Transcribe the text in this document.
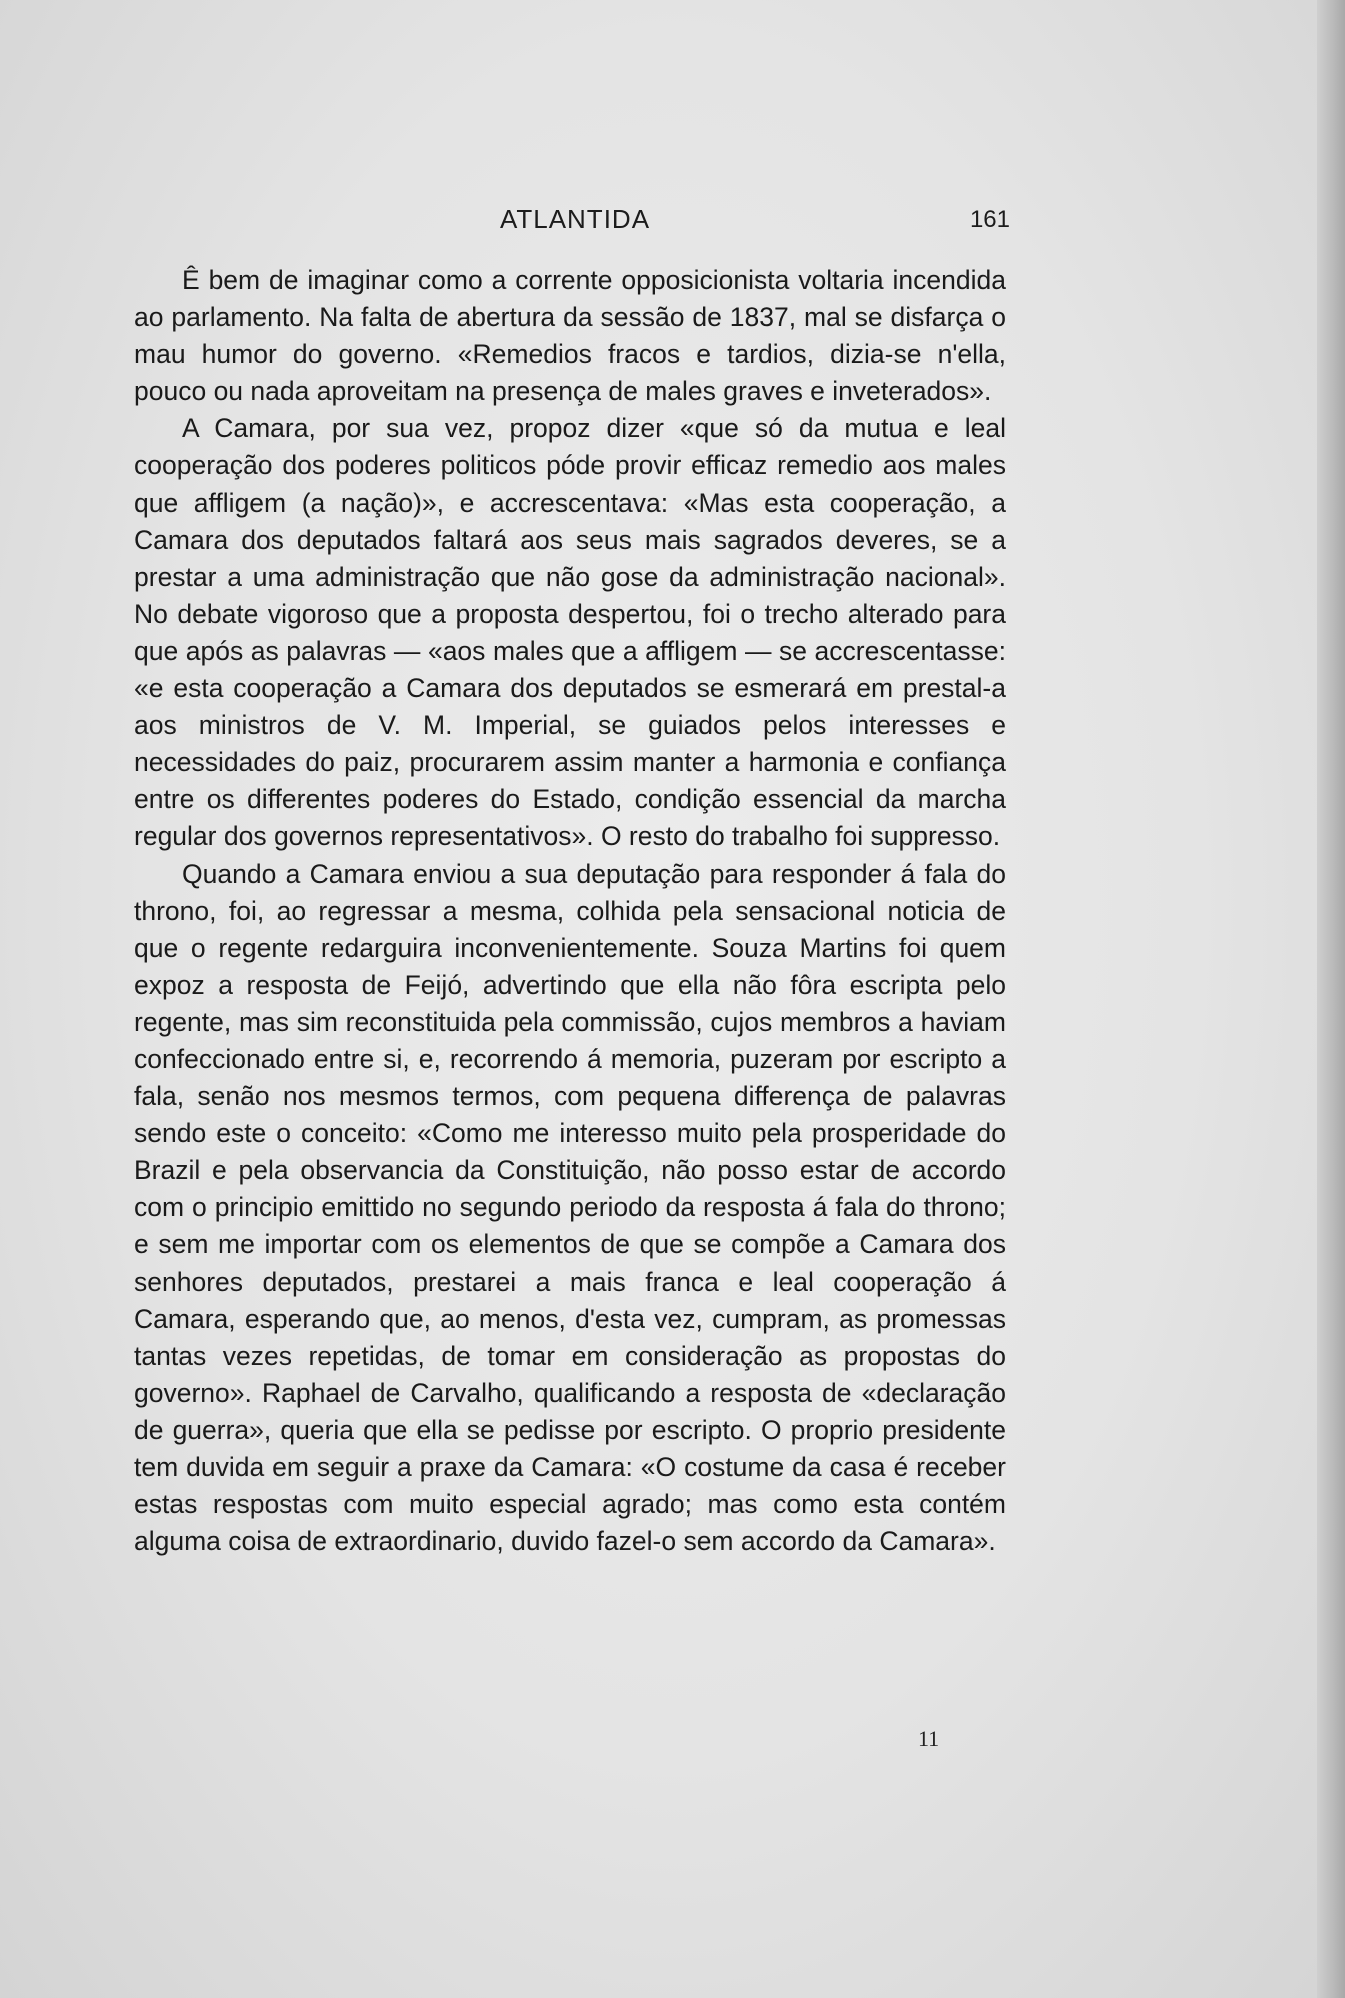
ATLANTIDA	161

Ê bem de imaginar como a corrente opposicionista voltaria incendida ao parlamento. Na falta de abertura da sessão de 1837, mal se disfarça o mau humor do governo. «Remedios fracos e tardios, dizia-se n'ella, pouco ou nada aproveitam na presença de males graves e inveterados».

A Camara, por sua vez, propoz dizer «que só da mutua e leal cooperação dos poderes politicos póde provir efficaz remedio aos males que affligem (a nação)», e accrescentava: «Mas esta cooperação, a Camara dos deputados faltará aos seus mais sagrados deveres, se a prestar a uma administração que não gose da administração nacional». No debate vigoroso que a proposta despertou, foi o trecho alterado para que após as palavras — «aos males que a affligem — se accrescentasse: «e esta cooperação a Camara dos deputados se esmerará em prestal-a aos ministros de V. M. Imperial, se guiados pelos interesses e necessidades do paiz, procurarem assim manter a harmonia e confiança entre os differentes poderes do Estado, condição essencial da marcha regular dos governos representativos». O resto do trabalho foi suppresso.

Quando a Camara enviou a sua deputação para responder á fala do throno, foi, ao regressar a mesma, colhida pela sensacional noticia de que o regente redarguira inconvenientemente. Souza Martins foi quem expoz a resposta de Feijó, advertindo que ella não fôra escripta pelo regente, mas sim reconstituida pela commissão, cujos membros a haviam confeccionado entre si, e, recorrendo á memoria, puzeram por escripto a fala, senão nos mesmos termos, com pequena differença de palavras sendo este o conceito: «Como me interesso muito pela prosperidade do Brazil e pela observancia da Constituição, não posso estar de accordo com o principio emittido no segundo periodo da resposta á fala do throno; e sem me importar com os elementos de que se compõe a Camara dos senhores deputados, prestarei a mais franca e leal cooperação á Camara, esperando que, ao menos, d'esta vez, cumpram, as promessas tantas vezes repetidas, de tomar em consideração as propostas do governo». Raphael de Carvalho, qualificando a resposta de «declaração de guerra», queria que ella se pedisse por escripto. O proprio presidente tem duvida em seguir a praxe da Camara: «O costume da casa é receber estas respostas com muito especial agrado; mas como esta contém alguma coisa de extraordinario, duvido fazel-o sem accordo da Camara».

11
